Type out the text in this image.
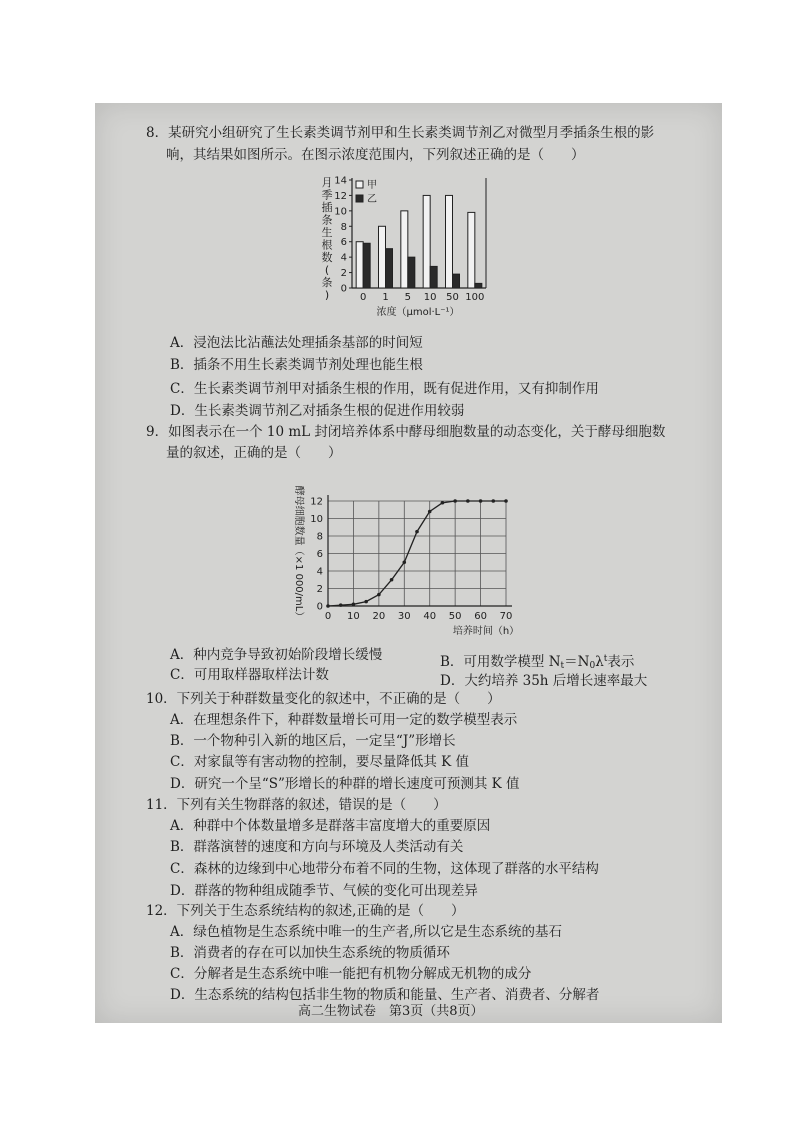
8．某研究小组研究了生长素类调节剂甲和生长素类调节剂乙对微型月季插条生根的影
响，其结果如图所示。在图示浓度范围内，下列叙述正确的是（　　）
月
季
插
条
生
根
数
(
条
) 0
2
4
6
8
10
12
14
0 1 5 10 50 100
甲
乙
浓度（μmol·L⁻¹）
A．浸泡法比沾蘸法处理插条基部的时间短
B．插条不用生长素类调节剂处理也能生根
C．生长素类调节剂甲对插条生根的作用，既有促进作用，又有抑制作用
D．生长素类调节剂乙对插条生根的促进作用较弱
9．如图表示在一个 10 mL 封闭培养体系中酵母细胞数量的动态变化，关于酵母细胞数
量的叙述，正确的是（　　）
酵母细胞数量（×1 000/mL） 0
2
4
6
8
10
12
0 10 20 30 40 50 60 70
培养时间（h）
A．种内竞争导致初始阶段增长缓慢	B．可用数学模型 $N_t=N_0\lambda^t$表示
C．可用取样器取样法计数	D．大约培养 35h 后增长速率最大
10．下列关于种群数量变化的叙述中，不正确的是（　　）
A．在理想条件下，种群数量增长可用一定的数学模型表示
B．一个物种引入新的地区后，一定呈“J”形增长
C．对家鼠等有害动物的控制，要尽量降低其 K 值
D．研究一个呈“S”形增长的种群的增长速度可预测其 K 值
11．下列有关生物群落的叙述，错误的是（　　）
A．种群中个体数量增多是群落丰富度增大的重要原因
B．群落演替的速度和方向与环境及人类活动有关
C．森林的边缘到中心地带分布着不同的生物，这体现了群落的水平结构
D．群落的物种组成随季节、气候的变化可出现差异
12．下列关于生态系统结构的叙述,正确的是（　　）
A．绿色植物是生态系统中唯一的生产者,所以它是生态系统的基石
B．消费者的存在可以加快生态系统的物质循环
C．分解者是生态系统中唯一能把有机物分解成无机物的成分
D．生态系统的结构包括非生物的物质和能量、生产者、消费者、分解者
高二生物试卷　第3页（共8页）
